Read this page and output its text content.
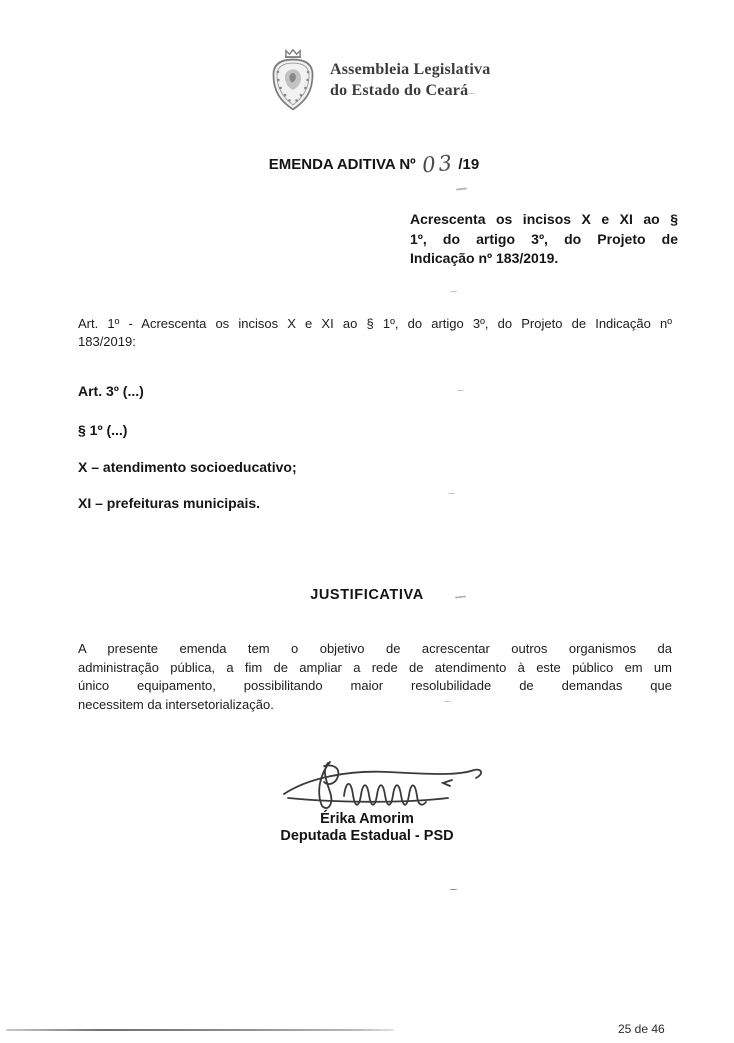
Assembleia Legislativa
do Estado do Ceará
EMENDA ADITIVA Nº 03 /19
Acrescenta os incisos X e XI ao §
1º, do artigo 3º, do Projeto de
Indicação nº 183/2019.
Art. 1º - Acrescenta os incisos X e XI ao § 1º, do artigo 3º, do Projeto de Indicação nº
183/2019:
Art. 3º (...)
§ 1º (...)
X – atendimento socioeducativo;
XI – prefeituras municipais.
JUSTIFICATIVA
A presente emenda tem o objetivo de acrescentar outros organismos da
administração pública, a fim de ampliar a rede de atendimento à este público em um
único equipamento, possibilitando maior resolubilidade de demandas que
necessitem da intersetorialização.
Érika Amorim
Deputada Estadual - PSD
25 de 46
